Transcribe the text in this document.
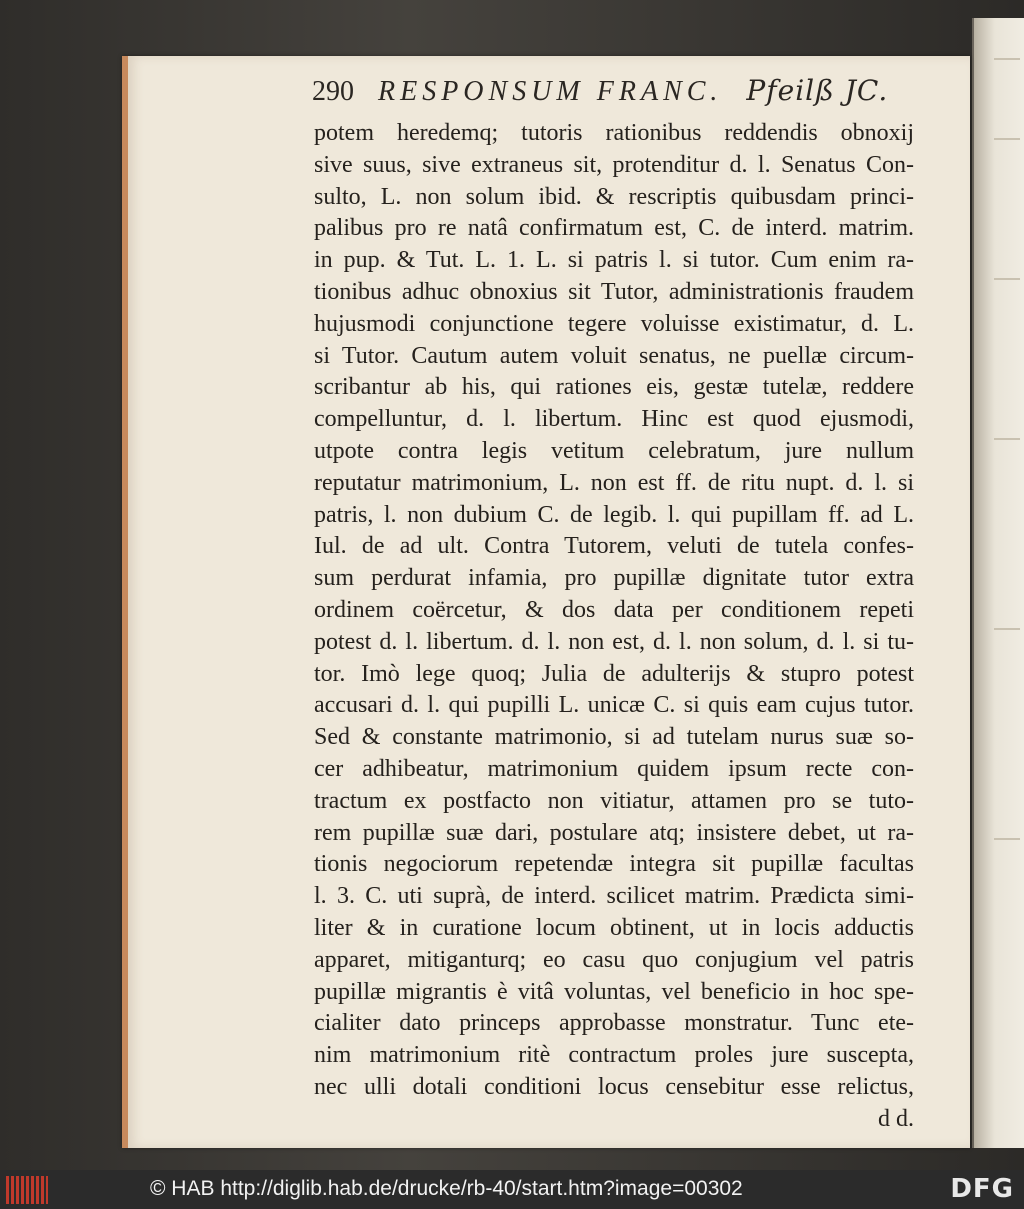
290 RESPONSUM FRANC. Pfeilß JC.
potem heredemq; tutoris rationibus reddendis obnoxij
sive suus, sive extraneus sit, protenditur d. l. Senatus Con-
sulto, L. non solum ibid. & rescriptis quibusdam princi-
palibus pro re natâ confirmatum est, C. de interd. matrim.
in pup. & Tut. L. 1. L. si patris l. si tutor. Cum enim ra-
tionibus adhuc obnoxius sit Tutor, administrationis fraudem
hujusmodi conjunctione tegere voluisse existimatur, d. L.
si Tutor. Cautum autem voluit senatus, ne puellæ circum-
scribantur ab his, qui rationes eis, gestæ tutelæ, reddere
compelluntur, d. l. libertum. Hinc est quod ejusmodi,
utpote contra legis vetitum celebratum, jure nullum
reputatur matrimonium, L. non est ff. de ritu nupt. d. l. si
patris, l. non dubium C. de legib. l. qui pupillam ff. ad L.
Iul. de ad ult. Contra Tutorem, veluti de tutela confes-
sum perdurat infamia, pro pupillæ dignitate tutor extra
ordinem coërcetur, & dos data per conditionem repeti
potest d. l. libertum. d. l. non est, d. l. non solum, d. l. si tu-
tor. Imò lege quoq; Julia de adulterijs & stupro potest
accusari d. l. qui pupilli L. unicæ C. si quis eam cujus tutor.
Sed & constante matrimonio, si ad tutelam nurus suæ so-
cer adhibeatur, matrimonium quidem ipsum recte con-
tractum ex postfacto non vitiatur, attamen pro se tuto-
rem pupillæ suæ dari, postulare atq; insistere debet, ut ra-
tionis negociorum repetendæ integra sit pupillæ facultas
l. 3. C. uti suprà, de interd. scilicet matrim. Prædicta simi-
liter & in curatione locum obtinent, ut in locis adductis
apparet, mitiganturq; eo casu quo conjugium vel patris
pupillæ migrantis è vitâ voluntas, vel beneficio in hoc spe-
cialiter dato princeps approbasse monstratur. Tunc ete-
nim matrimonium ritè contractum proles jure suscepta,
nec ulli dotali conditioni locus censebitur esse relictus,
d d.
© HAB http://diglib.hab.de/drucke/rb-40/start.htm?image=00302	DFG
